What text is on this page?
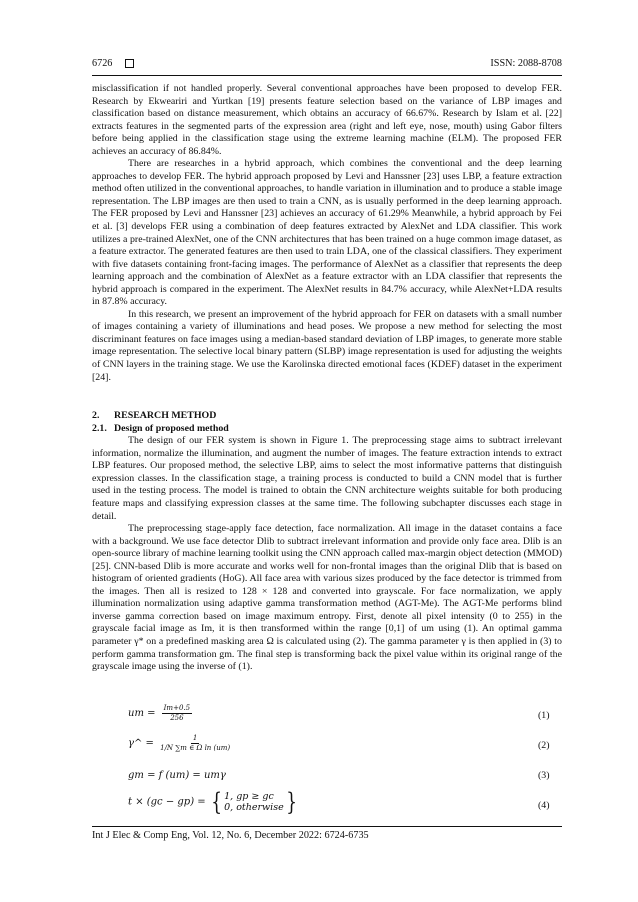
6726	ISSN: 2088-8708

misclassification if not handled properly. Several conventional approaches have been proposed to develop FER. Research by Ekweariri and Yurtkan [19] presents feature selection based on the variance of LBP images and classification based on distance measurement, which obtains an accuracy of 66.67%. Research by Islam et al. [22] extracts features in the segmented parts of the expression area (right and left eye, nose, mouth) using Gabor filters before being applied in the classification stage using the extreme learning machine (ELM). The proposed FER achieves an accuracy of 86.84%.

There are researches in a hybrid approach, which combines the conventional and the deep learning approaches to develop FER. The hybrid approach proposed by Levi and Hanssner [23] uses LBP, a feature extraction method often utilized in the conventional approaches, to handle variation in illumination and to produce a stable image representation. The LBP images are then used to train a CNN, as is usually performed in the deep learning approach. The FER proposed by Levi and Hanssner [23] achieves an accuracy of 61.29% Meanwhile, a hybrid approach by Fei et al. [3] develops FER using a combination of deep features extracted by AlexNet and LDA classifier. This work utilizes a pre-trained AlexNet, one of the CNN architectures that has been trained on a huge common image dataset, as a feature extractor. The generated features are then used to train LDA, one of the classical classifiers. They experiment with five datasets containing front-facing images. The performance of AlexNet as a classifier that represents the deep learning approach and the combination of AlexNet as a feature extractor with an LDA classifier that represents the hybrid approach is compared in the experiment. The AlexNet results in 84.7% accuracy, while AlexNet+LDA results in 87.8% accuracy.

In this research, we present an improvement of the hybrid approach for FER on datasets with a small number of images containing a variety of illuminations and head poses. We propose a new method for selecting the most discriminant features on face images using a median-based standard deviation of LBP images, to generate more stable image representation. The selective local binary pattern (SLBP) image representation is used for adjusting the weights of CNN layers in the training stage. We use the Karolinska directed emotional faces (KDEF) dataset in the experiment [24].

2. RESEARCH METHOD

2.1. Design of proposed method

The design of our FER system is shown in Figure 1. The preprocessing stage aims to subtract irrelevant information, normalize the illumination, and augment the number of images. The feature extraction intends to extract LBP features. Our proposed method, the selective LBP, aims to select the most informative patterns that distinguish expression classes. In the classification stage, a training process is conducted to build a CNN model that is further used in the testing process. The model is trained to obtain the CNN architecture weights suitable for both producing feature maps and classifying expression classes at the same time. The following subchapter discusses each stage in detail.

The preprocessing stage-apply face detection, face normalization. All image in the dataset contains a face with a background. We use face detector Dlib to subtract irrelevant information and provide only face area. Dlib is an open-source library of machine learning toolkit using the CNN approach called max-margin object detection (MMOD) [25]. CNN-based Dlib is more accurate and works well for non-frontal images than the original Dlib that is based on histogram of oriented gradients (HoG). All face area with various sizes produced by the face detector is trimmed from the images. Then all is resized to 128 × 128 and converted into grayscale. For face normalization, we apply illumination normalization using adaptive gamma transformation method (AGT-Me). The AGT-Me performs blind inverse gamma correction based on image maximum entropy. First, denote all pixel intensity (0 to 255) in the grayscale facial image as Im, it is then transformed within the range [0,1] of um using (1). An optimal gamma parameter γ* on a predefined masking area Ω is calculated using (2). The gamma parameter γ is then applied in (3) to perform gamma transformation gm. The final step is transforming back the pixel value within its original range of the grayscale image using the inverse of (1).

um = $\frac{Im+0.5}{256}$	(1)
γ^ = $\frac{1}{\text{1/N ∑m ∈ Ω ln (um)}}$	(2)
gm = f (um) = umγ	(3)
t × (gc − gp) = { 1, gp ≥ gc
0, otherwise }	(4)
Int J Elec & Comp Eng, Vol. 12, No. 6, December 2022: 6724-6735
